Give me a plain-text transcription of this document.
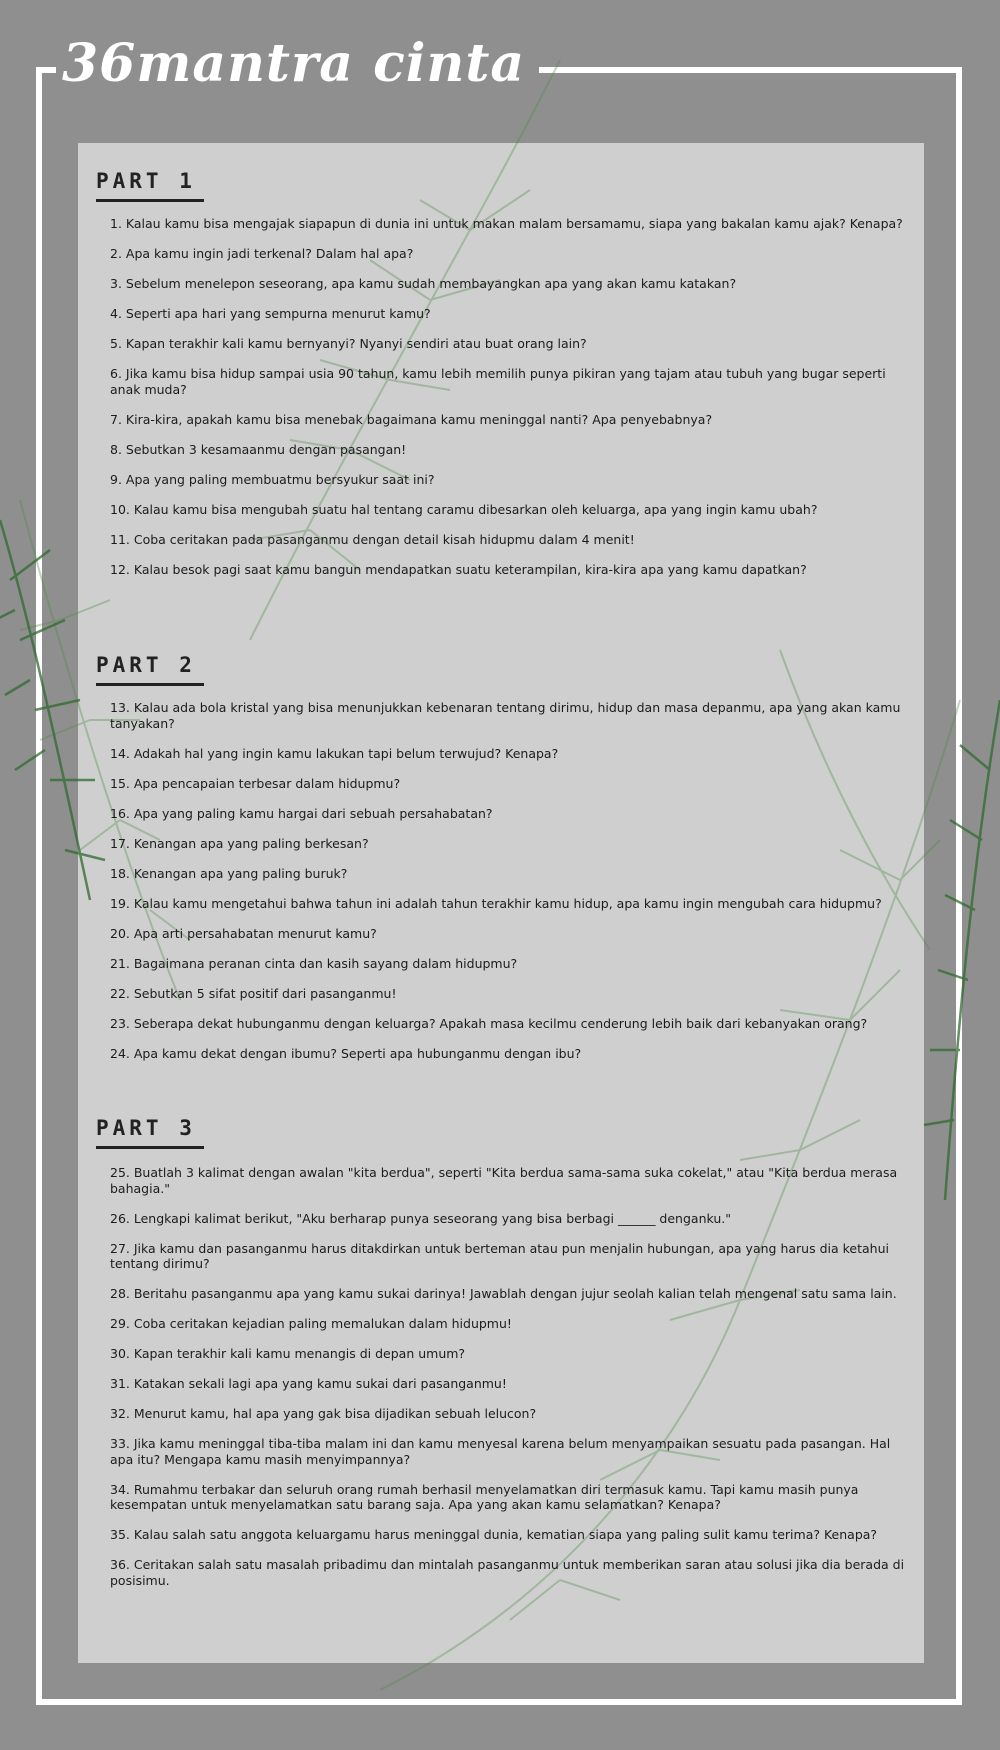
36mantra cinta
PART 1
1. Kalau kamu bisa mengajak siapapun di dunia ini untuk makan malam bersamamu, siapa yang bakalan kamu ajak? Kenapa?
2. Apa kamu ingin jadi terkenal? Dalam hal apa?
3. Sebelum menelepon seseorang, apa kamu sudah membayangkan apa yang akan kamu katakan?
4. Seperti apa hari yang sempurna menurut kamu?
5. Kapan terakhir kali kamu bernyanyi? Nyanyi sendiri atau buat orang lain?
6. Jika kamu bisa hidup sampai usia 90 tahun, kamu lebih memilih punya pikiran yang tajam atau tubuh yang bugar seperti anak muda?
7. Kira-kira, apakah kamu bisa menebak bagaimana kamu meninggal nanti? Apa penyebabnya?
8. Sebutkan 3 kesamaanmu dengan pasangan!
9. Apa yang paling membuatmu bersyukur saat ini?
10. Kalau kamu bisa mengubah suatu hal tentang caramu dibesarkan oleh keluarga, apa yang ingin kamu ubah?
11. Coba ceritakan pada pasanganmu dengan detail kisah hidupmu dalam 4 menit!
12. Kalau besok pagi saat kamu bangun mendapatkan suatu keterampilan, kira-kira apa yang kamu dapatkan?
PART 2
13. Kalau ada bola kristal yang bisa menunjukkan kebenaran tentang dirimu, hidup dan masa depanmu, apa yang akan kamu tanyakan?
14. Adakah hal yang ingin kamu lakukan tapi belum terwujud? Kenapa?
15. Apa pencapaian terbesar dalam hidupmu?
16. Apa yang paling kamu hargai dari sebuah persahabatan?
17. Kenangan apa yang paling berkesan?
18. Kenangan apa yang paling buruk?
19. Kalau kamu mengetahui bahwa tahun ini adalah tahun terakhir kamu hidup, apa kamu ingin mengubah cara hidupmu?
20. Apa arti persahabatan menurut kamu?
21. Bagaimana peranan cinta dan kasih sayang dalam hidupmu?
22. Sebutkan 5 sifat positif dari pasanganmu!
23. Seberapa dekat hubunganmu dengan keluarga? Apakah masa kecilmu cenderung lebih baik dari kebanyakan orang?
24. Apa kamu dekat dengan ibumu? Seperti apa hubunganmu dengan ibu?
PART 3
25. Buatlah 3 kalimat dengan awalan "kita berdua", seperti "Kita berdua sama-sama suka cokelat," atau "Kita berdua merasa bahagia."
26. Lengkapi kalimat berikut, "Aku berharap punya seseorang yang bisa berbagi ______ denganku."
27. Jika kamu dan pasanganmu harus ditakdirkan untuk berteman atau pun menjalin hubungan, apa yang harus dia ketahui tentang dirimu?
28. Beritahu pasanganmu apa yang kamu sukai darinya! Jawablah dengan jujur seolah kalian telah mengenal satu sama lain.
29. Coba ceritakan kejadian paling memalukan dalam hidupmu!
30. Kapan terakhir kali kamu menangis di depan umum?
31. Katakan sekali lagi apa yang kamu sukai dari pasanganmu!
32. Menurut kamu, hal apa yang gak bisa dijadikan sebuah lelucon?
33. Jika kamu meninggal tiba-tiba malam ini dan kamu menyesal karena belum menyampaikan sesuatu pada pasangan. Hal apa itu? Mengapa kamu masih menyimpannya?
34. Rumahmu terbakar dan seluruh orang rumah berhasil menyelamatkan diri termasuk kamu. Tapi kamu masih punya kesempatan untuk menyelamatkan satu barang saja. Apa yang akan kamu selamatkan? Kenapa?
35. Kalau salah satu anggota keluargamu harus meninggal dunia, kematian siapa yang paling sulit kamu terima? Kenapa?
36. Ceritakan salah satu masalah pribadimu dan mintalah pasanganmu untuk memberikan saran atau solusi jika dia berada di posisimu.
